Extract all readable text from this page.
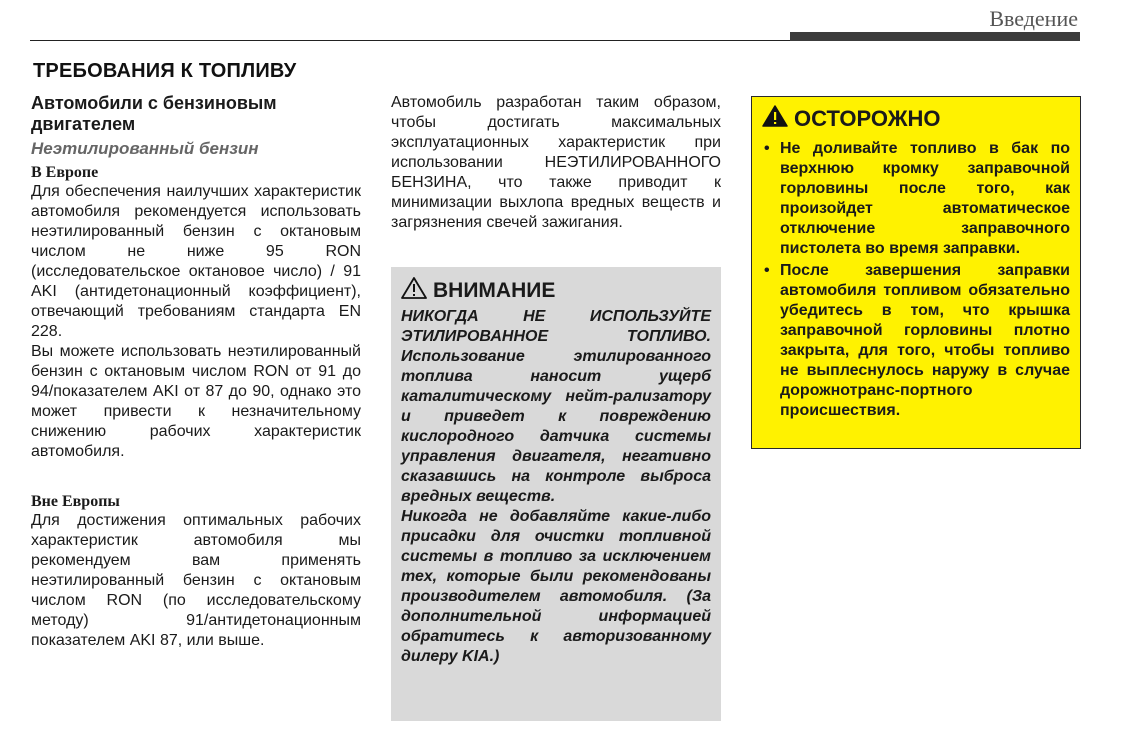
Введение
ТРЕБОВАНИЯ К ТОПЛИВУ

Автомобили с бензиновым двигателем

Неэтилированный бензин

В Европе

Для обеспечения наилучших характеристик автомобиля рекомендуется использовать неэтилированный бензин с октановым числом не ниже 95 RON (исследовательское октановое число) / 91 AKI (антидетонационный коэффициент), отвечающий требованиям стандарта EN 228.

Вы можете использовать неэтилированный бензин с октановым числом RON от 91 до 94/показателем AKI от 87 до 90, однако это может привести к незначительному снижению рабочих характеристик автомобиля.

Вне Европы

Для достижения оптимальных рабочих характеристик автомобиля мы рекомендуем вам применять неэтилированный бензин с октановым числом RON (по исследовательскому методу) 91/антидетонационным показателем AKI 87, или выше.

Автомобиль разработан таким образом, чтобы достигать максимальных эксплуатационных характеристик при использовании НЕЭТИЛИРОВАННОГО БЕНЗИНА, что также приводит к минимизации выхлопа вредных веществ и загрязнения свечей зажигания.

ВНИМАНИЕ

НИКОГДА НЕ ИСПОЛЬЗУЙТЕ ЭТИЛИРОВАННОЕ ТОПЛИВО. Использование этилированного топлива наносит ущерб каталитическому нейт-рализатору и приведет к повреждению кислородного датчика системы управления двигателя, негативно сказавшись на контроле выброса вредных веществ.

Никогда не добавляйте какие-либо присадки для очистки топливной системы в топливо за исключением тех, которые были рекомендованы производителем автомобиля. (За дополнительной информацией обратитесь к авторизованному дилеру KIA.)

ОСТОРОЖНО
• Не доливайте топливо в бак по верхнюю кромку заправочной горловины после того, как произойдет автоматическое отключение заправочного пистолета во время заправки.
• После завершения заправки автомобиля топливом обязательно убедитесь в том, что крышка заправочной горловины плотно закрыта, для того, чтобы топливо не выплеснулось наружу в случае дорожнотранс-портного происшествия.
